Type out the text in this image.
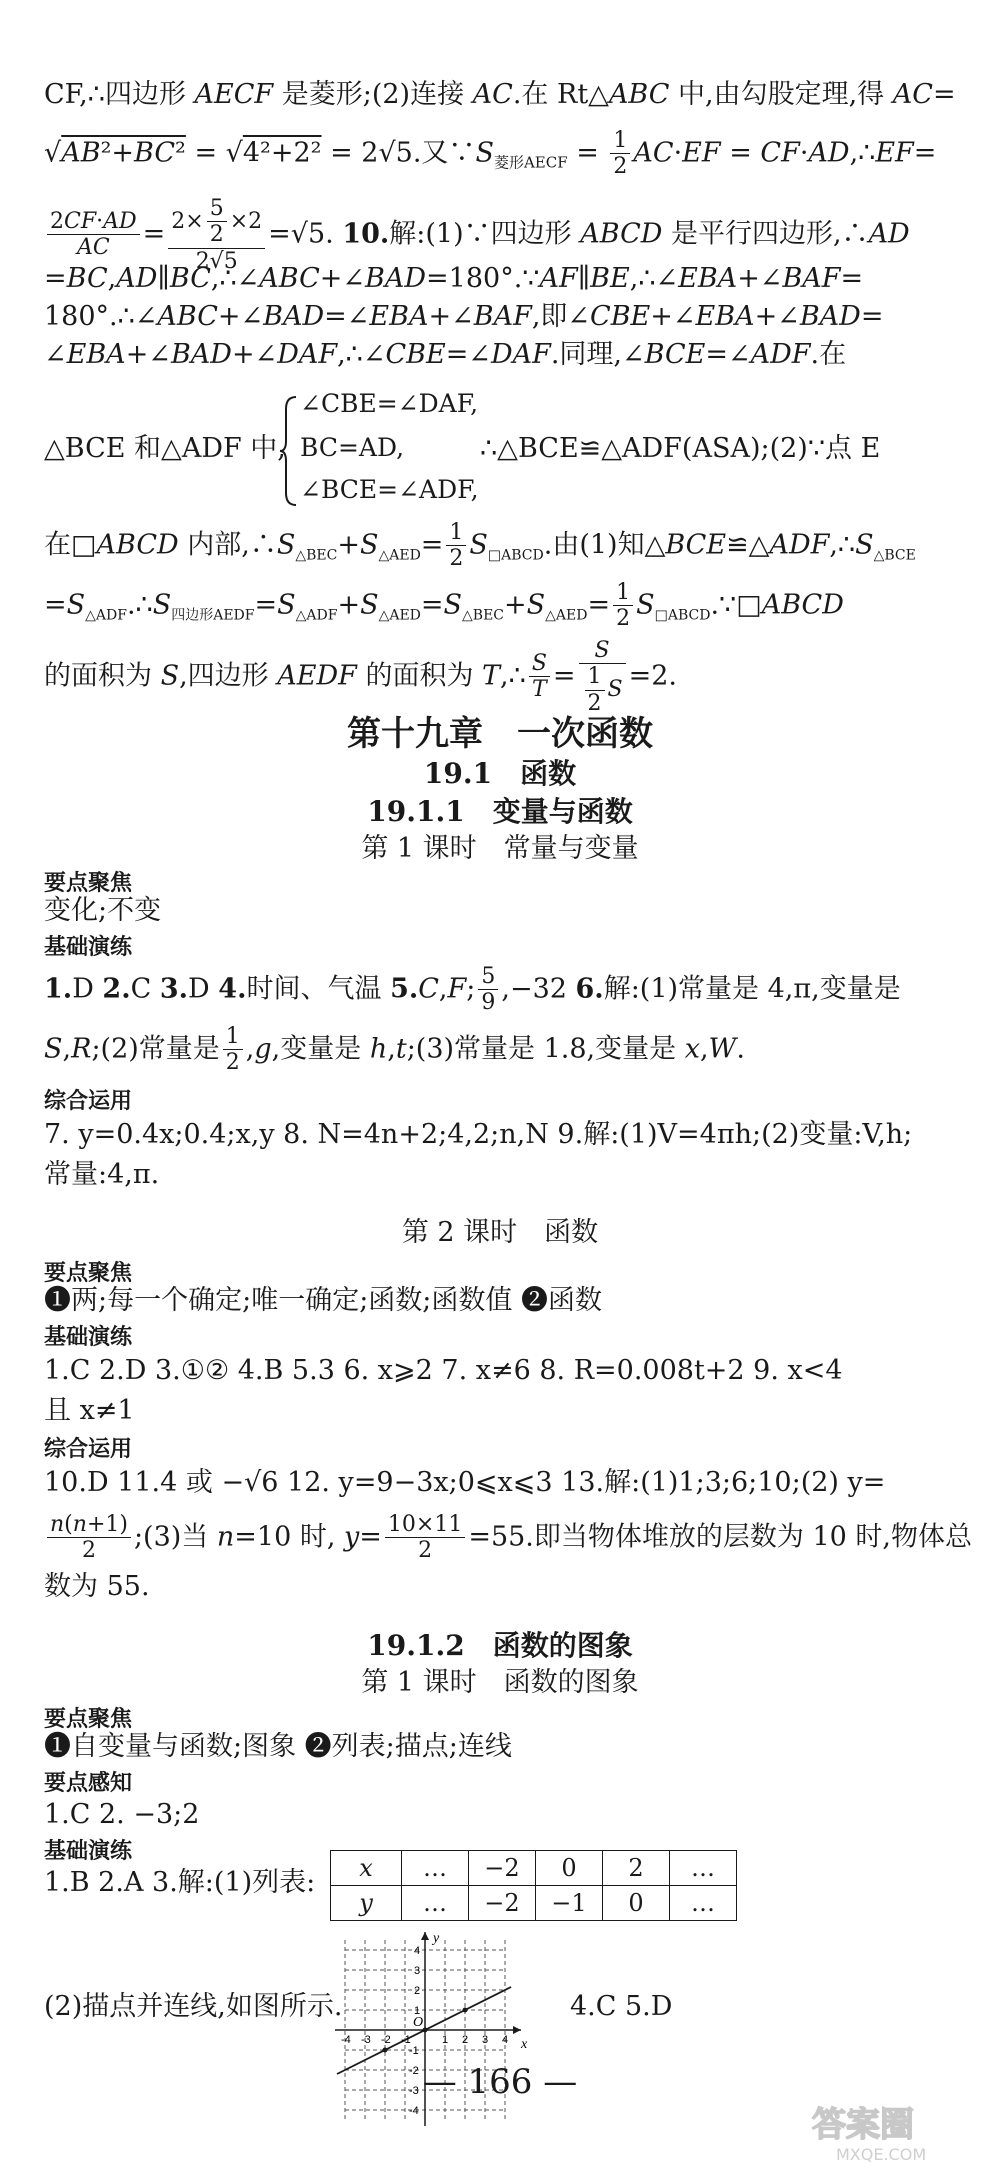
CF,∴四边形 AECF 是菱形;(2)连接 AC.在 Rt△ABC 中,由勾股定理,得 AC=
√AB²+BC² = √4²+2² = 2√5.又$\because S_{菱形AECF} = \frac{1}{2} AC\cdot EF$ = CF·AD,∴EF=
$\frac{2CF\cdot AD}{AC} = \frac{2\times \frac{5}{2} \times 2}{2√5} =√5$. 10.解:(1)∵四边形 ABCD 是平行四边形,∴AD
=BC,AD∥BC,∴∠ABC+∠BAD=180°.∵AF∥BE,∴∠EBA+∠BAF=
180°.∴∠ABC+∠BAD=∠EBA+∠BAF,即∠CBE+∠EBA+∠BAD=
∠EBA+∠BAD+∠DAF,∴∠CBE=∠DAF.同理,∠BCE=∠ADF.在
∠CBE=∠DAF,
BC=AD,
∠BCE=∠ADF,
△BCE 和△ADF 中,	∴△BCE≌△ADF(ASA);(2)∵点 E
在□ABCD 内部$,\therefore S_{\triangle BEC}+S_{\triangle AED}= \frac{1}{2} S_{□ABCD}$.由(1)知$\triangle BCE≌\triangle ADF,\therefore S_{\triangle BCE}$
$=S_{\triangle ADF}.\therefore S_{四边形AEDF}=S_{\triangle ADF}+S_{\triangle AED}=S_{\triangle BEC}+S_{\triangle AED}= \frac{1}{2}$ $S_{□ABCD}.\because□ABCD$
的面积为 S,四边形 AEDF 的面积为 T,∴ $\frac{S}{T} = \frac{S}{\frac{1}{2} S} =2$.
第十九章　一次函数
19.1　函数
19.1.1　变量与函数
第 1 课时　常量与变量
要点聚焦
变化;不变
基础演练
1.D 2.C 3.D 4.时间、气温 5.C,F; $\frac{5}{9} ,-32$ 6.解:(1)常量是 4,π,变量是
S,R;(2)常量是 $\frac{1}{2} ,g$,变量是 h,t;(3)常量是 1.8,变量是 x,W.
综合运用
7. y=0.4x;0.4;x,y 8. N=4n+2;4,2;n,N 9.解:(1)V=4πh;(2)变量:V,h;
常量:4,π.
第 2 课时　函数
要点聚焦
❶两;每一个确定;唯一确定;函数;函数值 ❷函数
基础演练
1.C 2.D 3.①② 4.B 5.3 6. x⩾2 7. x≠6 8. R=0.008t+2 9. x<4
且 x≠1
综合运用
10.D 11.4 或 −√6 12. y=9−3x;0⩽x⩽3 13.解:(1)1;3;6;10;(2) y=
$\frac{n(n+1)}{2}$ ;(3)当 n=10 时, $y= \frac{10\times 11}{2} =55$.即当物体堆放的层数为 10 时,物体总
数为 55.
19.1.2　函数的图象
第 1 课时　函数的图象
要点聚焦
❶自变量与函数;图象 ❷列表;描点;连线
要点感知
1.C 2. −3;2
基础演练
1.B 2.A 3.解:(1)列表:	x	…	−2	0	2	…
y	…	−2	−1	0	…
(2)描点并连线,如图所示.	4.C 5.D
y
x
O
-4 -3 -2 -1	1 2 3 4
4
3
2
1
-1
-2
-3
-4
— 166 —
答案圈
MXQE.COM
